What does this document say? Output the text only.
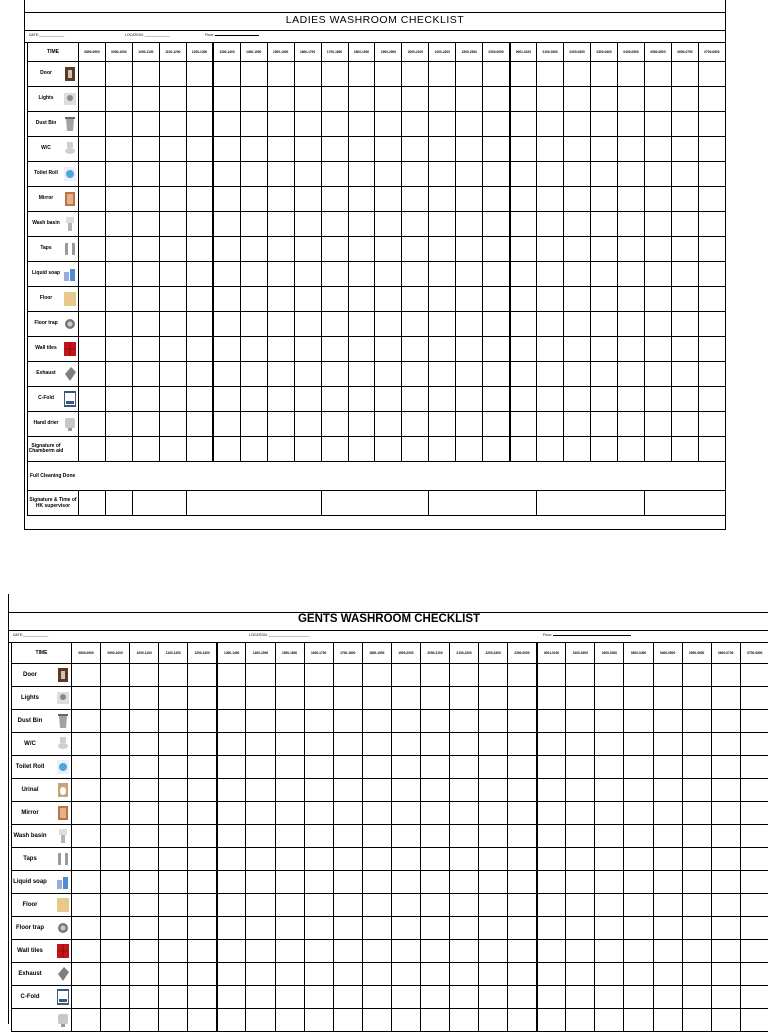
LADIES WASHROOM CHECKLIST
DATE:_____________	LOCATION: _____________	Floor:
TIME	0800-0900	0900-1000	1000-1100	1100-1200	1200-1300	1300-1400	1400-1500	1500-1600	1600-1700	1700-1800	1800-1900	1900-2000	2000-2100	2100-2200	2200-2300	2300-0000	0001-0100	0100-0200	0200-0300	0300-0400	0400-0500	0500-0600	0600-0700	0700-0800

Door																								

Lights																								

Dust Bin																								

W/C																								

Toilet Roll																								

Mirror																								

Wash basin																								

Taps																								

Liquid soap																								

Floor																								

Floor trap																								

Wall tiles																								

Exhaust																								

C-Fold																								

Hand drier																								

Signature of Chamberm aid																								

Full Cleaning Done																								
Signature & Time of HK supervisor																								
GENTS WASHROOM CHECKLIST
DATE:_____________	LOCATION: _____________________	Floor:
TIME	0800-0900	0900-1000	1000-1100	1100-1200	1200-1300	1300-1400	1400-1500	1500-1600	1600-1700	1700-1800	1800-1900	1900-2000	2000-2100	2100-2200	2200-2300	2300-0000	0001-0100	0100-0200	0200-0300	0300-0400	0400-0500	0500-0600	0600-0700	0700-0800

Door																								

Lights																								

Dust Bin																								

W/C																								

Toilet Roll																								

Urinal																								

Mirror																								

Wash basin																								

Taps																								

Liquid soap																								

Floor																								

Floor trap																								

Wall tiles																								

Exhaust																								

C-Fold																								
